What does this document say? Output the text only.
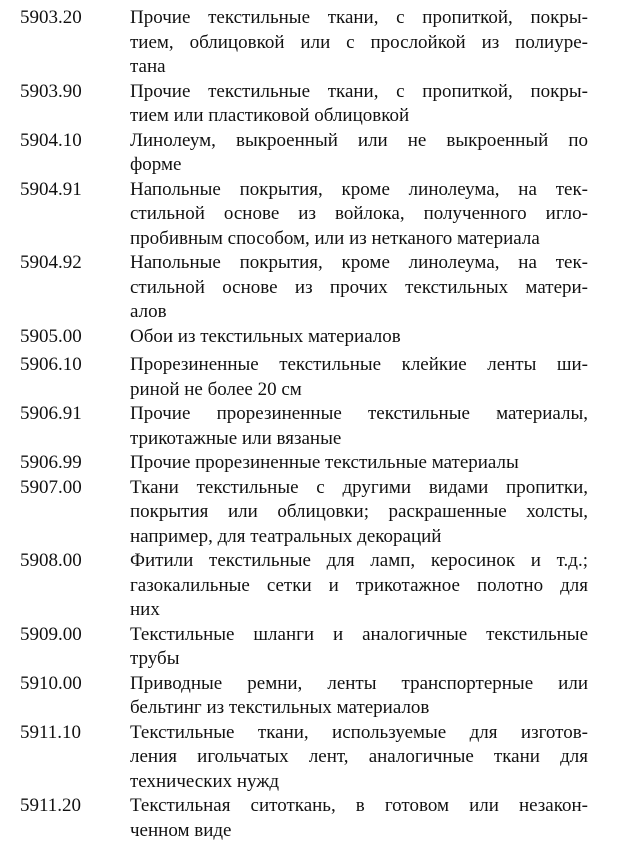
5903.20	Прочие текстильные ткани, с пропиткой, покры-
тием, облицовкой или с прослойкой из полиуре-
тана
5903.90	Прочие текстильные ткани, с пропиткой, покры-
тием или пластиковой облицовкой
5904.10	Линолеум, выкроенный или не выкроенный по
форме
5904.91	Напольные покрытия, кроме линолеума, на тек-
стильной основе из войлока, полученного игло-
пробивным способом, или из нетканого материала
5904.92	Напольные покрытия, кроме линолеума, на тек-
стильной основе из прочих текстильных матери-
алов
5905.00	Обои из текстильных материалов
5906.10	Прорезиненные текстильные клейкие ленты ши-
риной не более 20 см
5906.91	Прочие прорезиненные текстильные материалы,
трикотажные или вязаные
5906.99	Прочие прорезиненные текстильные материалы
5907.00	Ткани текстильные с другими видами пропитки,
покрытия или облицовки; раскрашенные холсты,
например, для театральных декораций
5908.00	Фитили текстильные для ламп, керосинок и т.д.;
газокалильные сетки и трикотажное полотно для
них
5909.00	Текстильные шланги и аналогичные текстильные
трубы
5910.00	Приводные ремни, ленты транспортерные или
бельтинг из текстильных материалов
5911.10	Текстильные ткани, используемые для изготов-
ления игольчатых лент, аналогичные ткани для
технических нужд
5911.20	Текстильная ситоткань, в готовом или незакон-
ченном виде
